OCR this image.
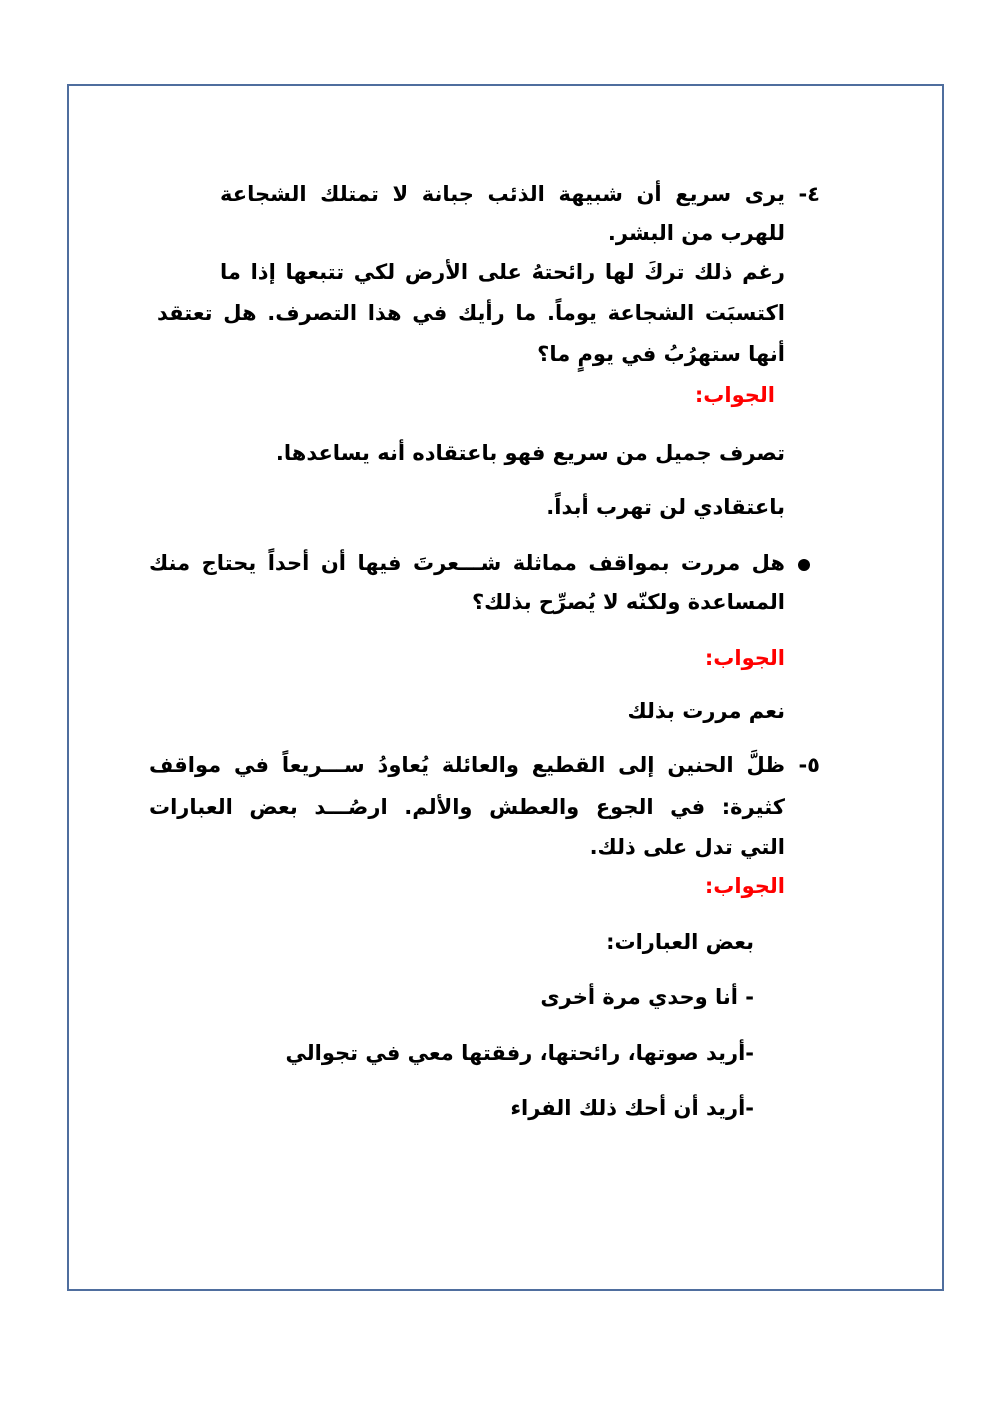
٤-
يرى سريع أن شبيهة الذئب جبانة لا تمتلك الشجاعة
للهرب من البشر.
رغم ذلك تركَ لها رائحتهُ على الأرض لكي تتبعها إذا ما
اكتسبَت الشجاعة يوماً. ما رأيك في هذا التصرف. هل تعتقد
أنها ستهرُبُ في يومٍ ما؟
الجواب:
تصرف جميل من سريع فهو باعتقاده أنه يساعدها.
باعتقادي لن تهرب أبداً.
هل مررت بمواقف مماثلة شـــعرتَ فيها أن أحداً يحتاج منك
المساعدة ولكنّه لا يُصرِّح بذلك؟
الجواب:
نعم مررت بذلك
٥-
ظلَّ الحنين إلى القطيع والعائلة يُعاودُ ســـريعاً في مواقف
كثيرة: في الجوع والعطش والألم. ارصُـــد بعض العبارات
التي تدل على ذلك.
الجواب:
بعض العبارات:
- أنا وحدي مرة أخرى
-أريد صوتها، رائحتها، رفقتها معي في تجوالي
-أريد أن أحك ذلك الفراء
